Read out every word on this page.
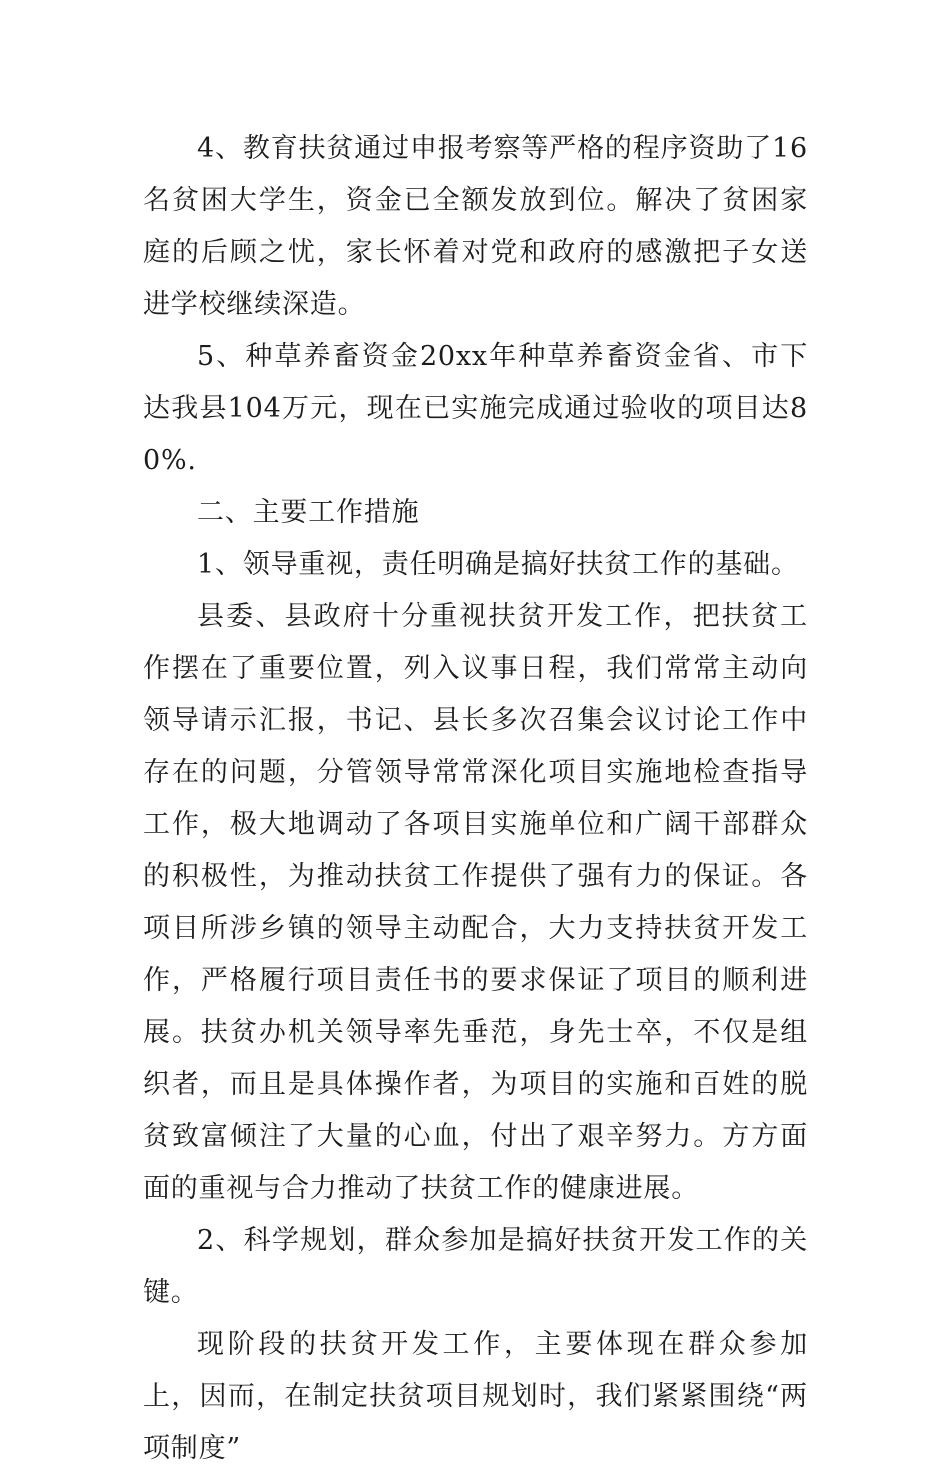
4、教育扶贫通过申报考察等严格的程序资助了16名贫困大学生，资金已全额发放到位。解决了贫困家庭的后顾之忧，家长怀着对党和政府的感激把子女送进学校继续深造。

5、种草养畜资金20xx年种草养畜资金省、市下达我县104万元，现在已实施完成通过验收的项目达80%.

二、主要工作措施

1、领导重视，责任明确是搞好扶贫工作的基础。

县委、县政府十分重视扶贫开发工作，把扶贫工作摆在了重要位置，列入议事日程，我们常常主动向领导请示汇报，书记、县长多次召集会议讨论工作中存在的问题，分管领导常常深化项目实施地检查指导工作，极大地调动了各项目实施单位和广阔干部群众的积极性，为推动扶贫工作提供了强有力的保证。各项目所涉乡镇的领导主动配合，大力支持扶贫开发工作，严格履行项目责任书的要求保证了项目的顺利进展。扶贫办机关领导率先垂范，身先士卒，不仅是组织者，而且是具体操作者，为项目的实施和百姓的脱贫致富倾注了大量的心血，付出了艰辛努力。方方面面的重视与合力推动了扶贫工作的健康进展。

2、科学规划，群众参加是搞好扶贫开发工作的关键。

现阶段的扶贫开发工作，主要体现在群众参加上，因而，在制定扶贫项目规划时，我们紧紧围绕“两项制度”
